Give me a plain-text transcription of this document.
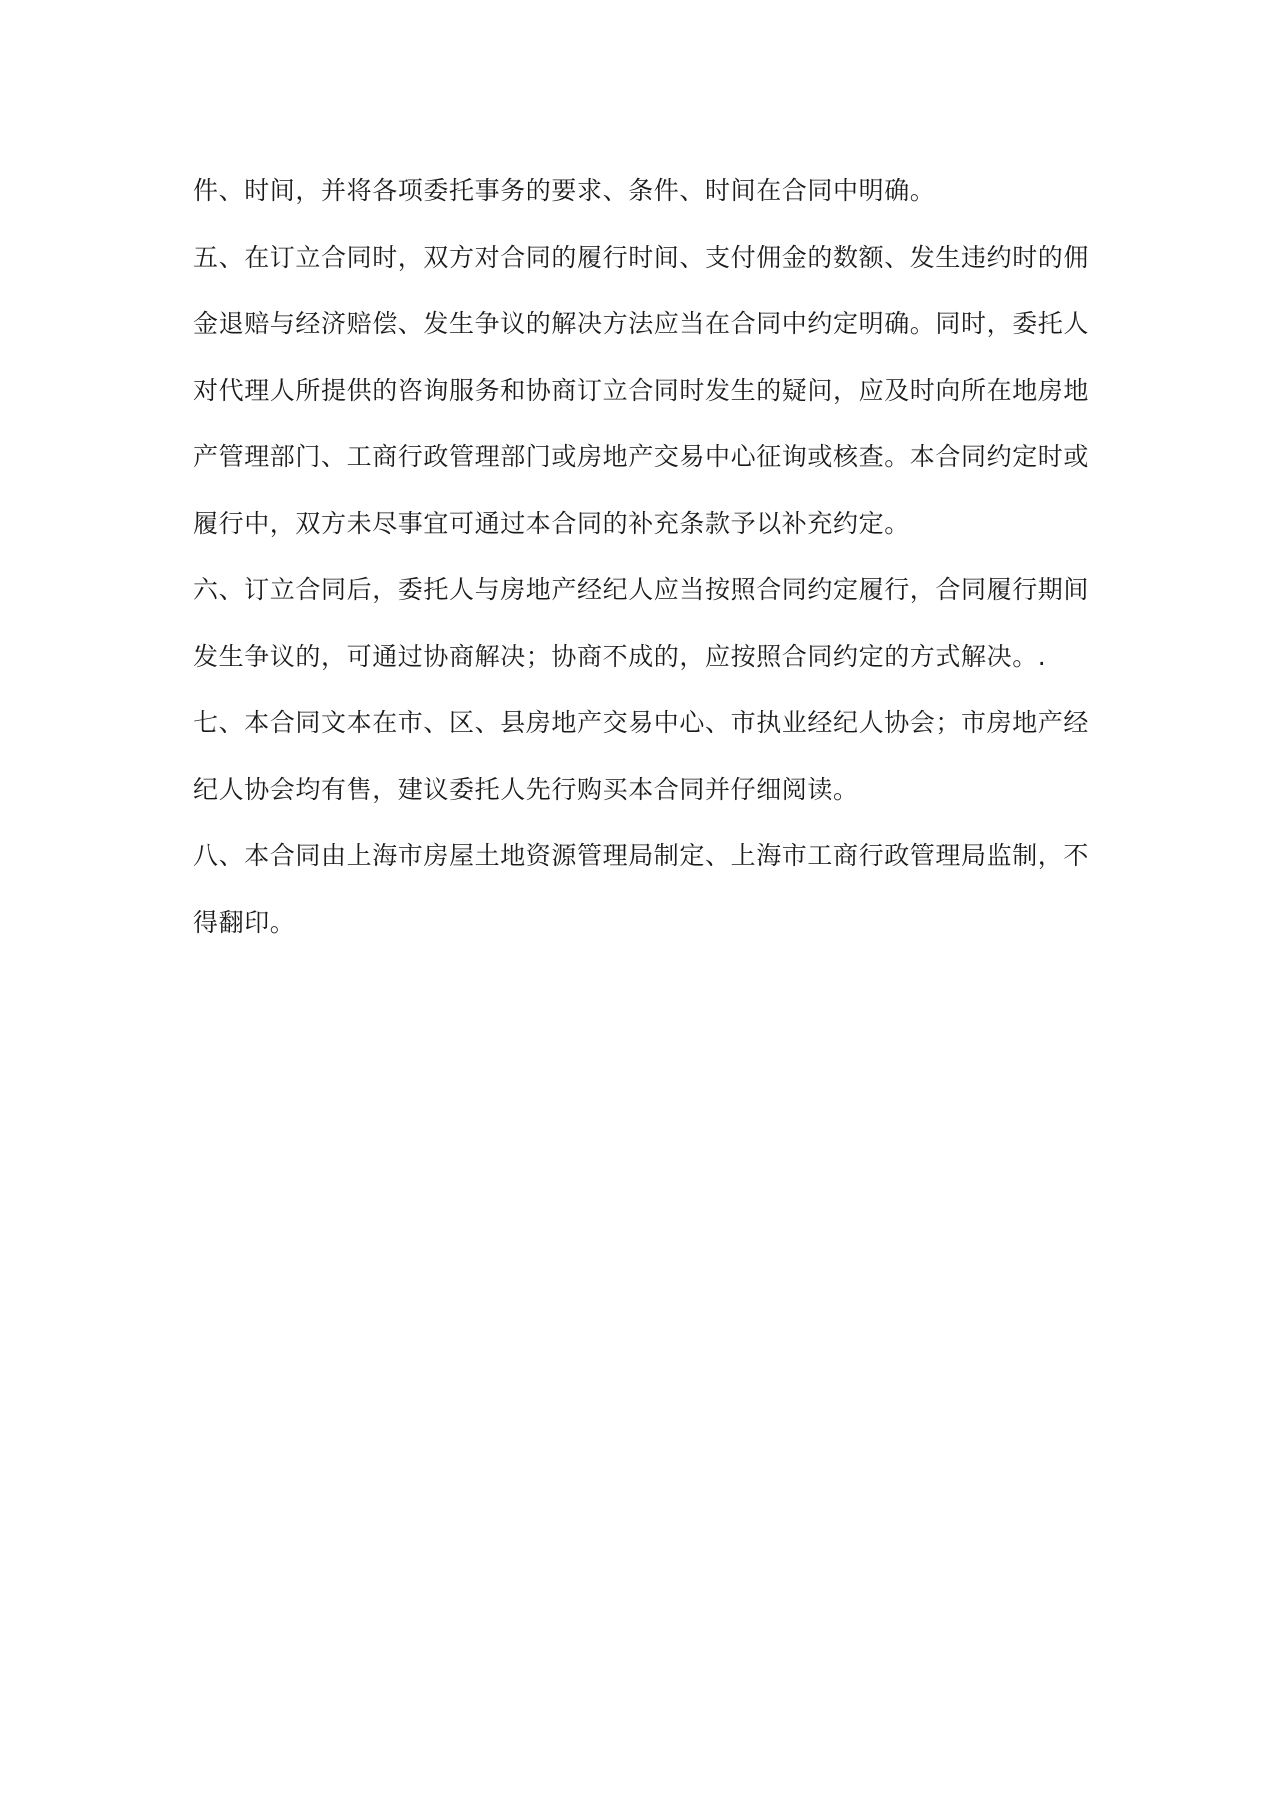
件、时间，并将各项委托事务的要求、条件、时间在合同中明确。
五、在订立合同时，双方对合同的履行时间、支付佣金的数额、发生违约时的佣
金退赔与经济赔偿、发生争议的解决方法应当在合同中约定明确。同时，委托人
对代理人所提供的咨询服务和协商订立合同时发生的疑问，应及时向所在地房地
产管理部门、工商行政管理部门或房地产交易中心征询或核查。本合同约定时或
履行中，双方未尽事宜可通过本合同的补充条款予以补充约定。
六、订立合同后，委托人与房地产经纪人应当按照合同约定履行，合同履行期间
发生争议的，可通过协商解决；协商不成的，应按照合同约定的方式解决。.
七、本合同文本在市、区、县房地产交易中心、市执业经纪人协会；市房地产经
纪人协会均有售，建议委托人先行购买本合同并仔细阅读。
八、本合同由上海市房屋土地资源管理局制定、上海市工商行政管理局监制，不
得翻印。
